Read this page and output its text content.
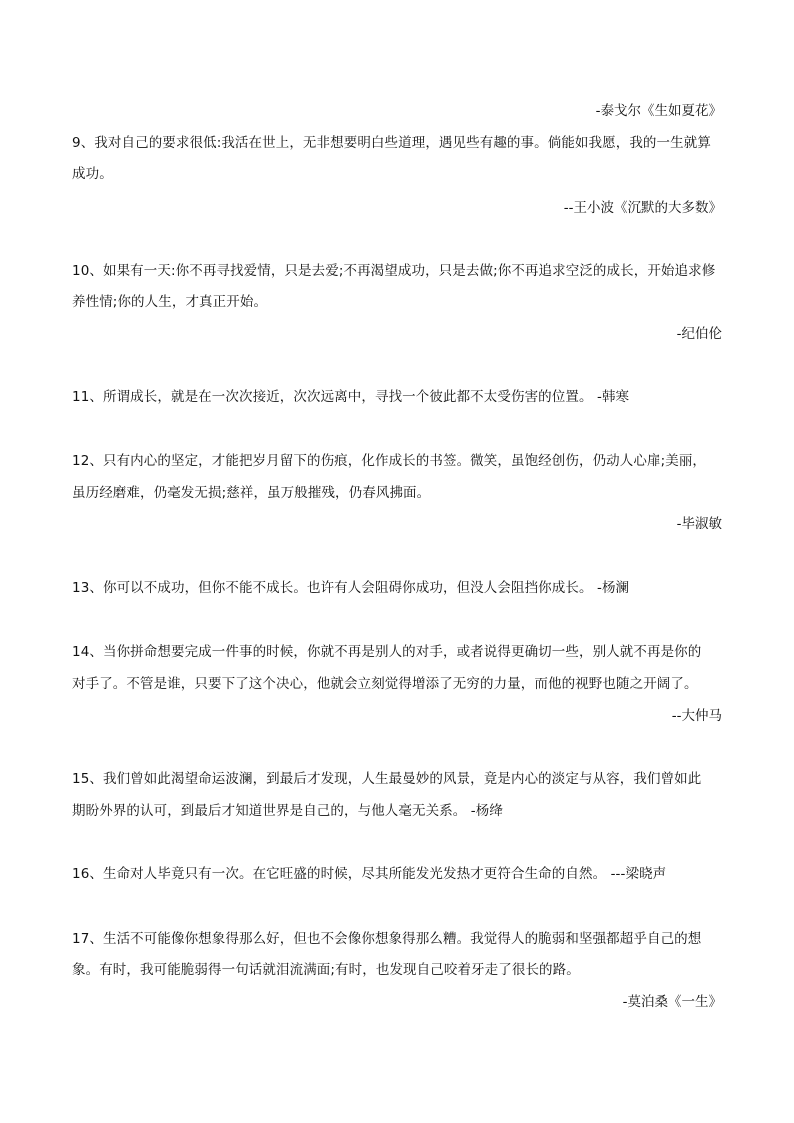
-泰戈尔《生如夏花》
9、我对自己的要求很低:我活在世上，无非想要明白些道理，遇见些有趣的事。倘能如我愿，我的一生就算
成功。
--王小波《沉默的大多数》
10、如果有一天:你不再寻找爱情，只是去爱;不再渴望成功，只是去做;你不再追求空泛的成长，开始追求修
养性情;你的人生，才真正开始。
-纪伯伦
11、所谓成长，就是在一次次接近，次次远离中，寻找一个彼此都不太受伤害的位置。 -韩寒
12、只有内心的坚定，才能把岁月留下的伤痕，化作成长的书签。微笑，虽饱经创伤，仍动人心扉;美丽，
虽历经磨难，仍毫发无损;慈祥，虽万般摧残，仍春风拂面。
-毕淑敏
13、你可以不成功，但你不能不成长。也许有人会阻碍你成功，但没人会阻挡你成长。 -杨澜
14、当你拼命想要完成一件事的时候，你就不再是别人的对手，或者说得更确切一些，别人就不再是你的
对手了。不管是谁，只要下了这个决心，他就会立刻觉得增添了无穷的力量，而他的视野也随之开阔了。
--大仲马
15、我们曾如此渴望命运波澜，到最后才发现，人生最曼妙的风景，竟是内心的淡定与从容，我们曾如此
期盼外界的认可，到最后才知道世界是自己的，与他人毫无关系。 -杨绛
16、生命对人毕竟只有一次。在它旺盛的时候，尽其所能发光发热才更符合生命的自然。 ---梁晓声
17、生活不可能像你想象得那么好，但也不会像你想象得那么糟。我觉得人的脆弱和坚强都超乎自己的想
象。有时，我可能脆弱得一句话就泪流满面;有时，也发现自己咬着牙走了很长的路。
-莫泊桑《一生》
